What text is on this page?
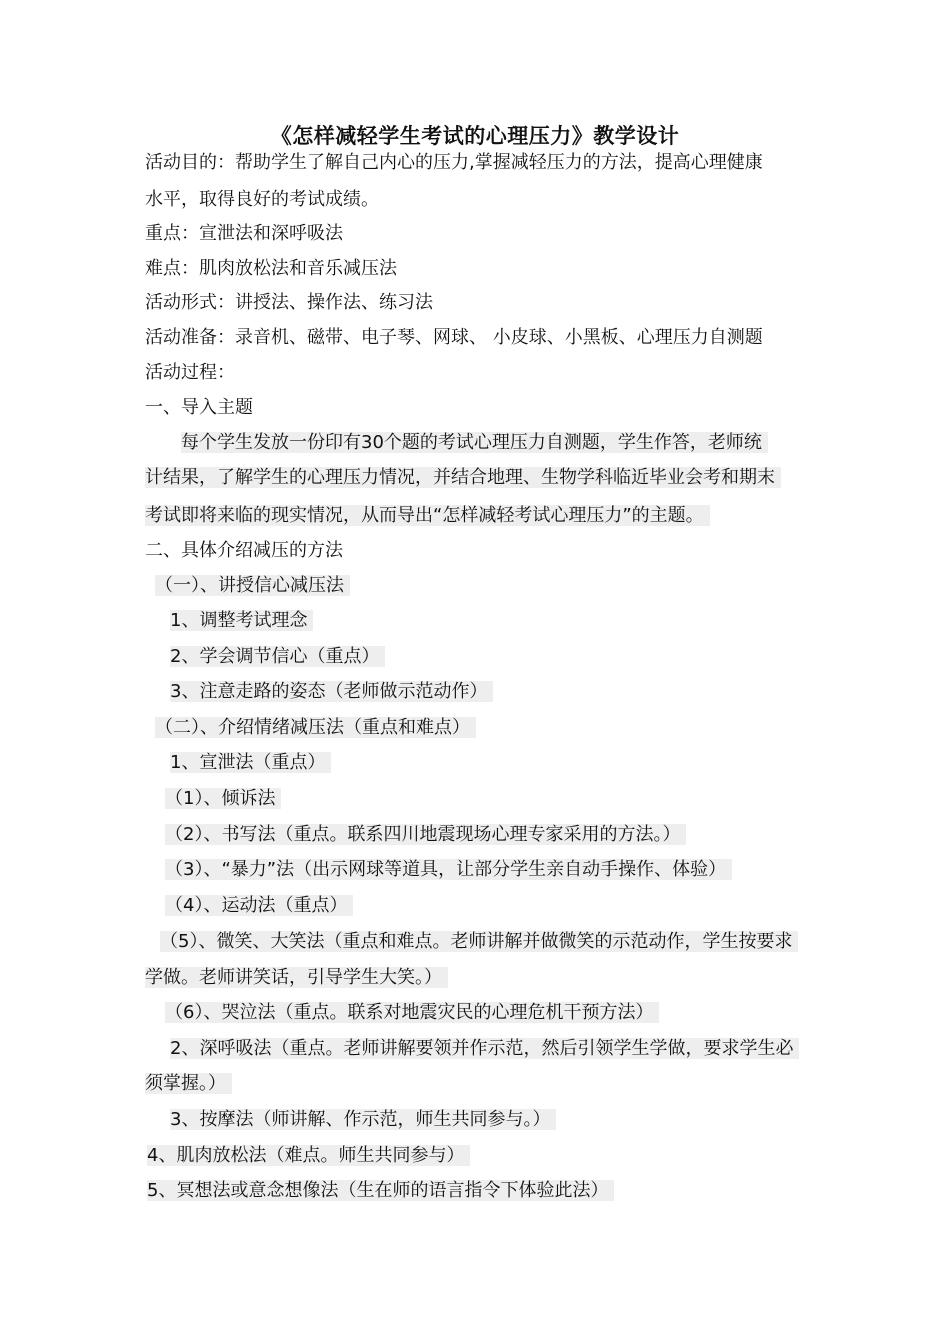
《怎样减轻学生考试的心理压力》教学设计
活动目的：帮助学生了解自己内心的压力,掌握减轻压力的方法，提高心理健康
水平，取得良好的考试成绩。
重点：宣泄法和深呼吸法
难点：肌肉放松法和音乐减压法
活动形式：讲授法、操作法、练习法
活动准备：录音机、磁带、电子琴、网球、 小皮球、小黑板、心理压力自测题
活动过程：
一、导入主题
每个学生发放一份印有30个题的考试心理压力自测题，学生作答，老师统
计结果，了解学生的心理压力情况，并结合地理、生物学科临近毕业会考和期末
考试即将来临的现实情况，从而导出“怎样减轻考试心理压力”的主题。
二、具体介绍减压的方法
（一）、讲授信心减压法
1、调整考试理念
2、学会调节信心（重点）
3、注意走路的姿态（老师做示范动作）
（二）、介绍情绪减压法（重点和难点）
1、宣泄法（重点）
（1）、倾诉法
（2）、书写法（重点。联系四川地震现场心理专家采用的方法。）
（3）、“暴力”法（出示网球等道具，让部分学生亲自动手操作、体验）
（4）、运动法（重点）
（5）、微笑、大笑法（重点和难点。老师讲解并做微笑的示范动作，学生按要求
学做。老师讲笑话，引导学生大笑。）
（6）、哭泣法（重点。联系对地震灾民的心理危机干预方法）
2、深呼吸法（重点。老师讲解要领并作示范，然后引领学生学做，要求学生必
须掌握。）
3、按摩法（师讲解、作示范，师生共同参与。）
4、肌肉放松法（难点。师生共同参与）
5、冥想法或意念想像法（生在师的语言指令下体验此法）
